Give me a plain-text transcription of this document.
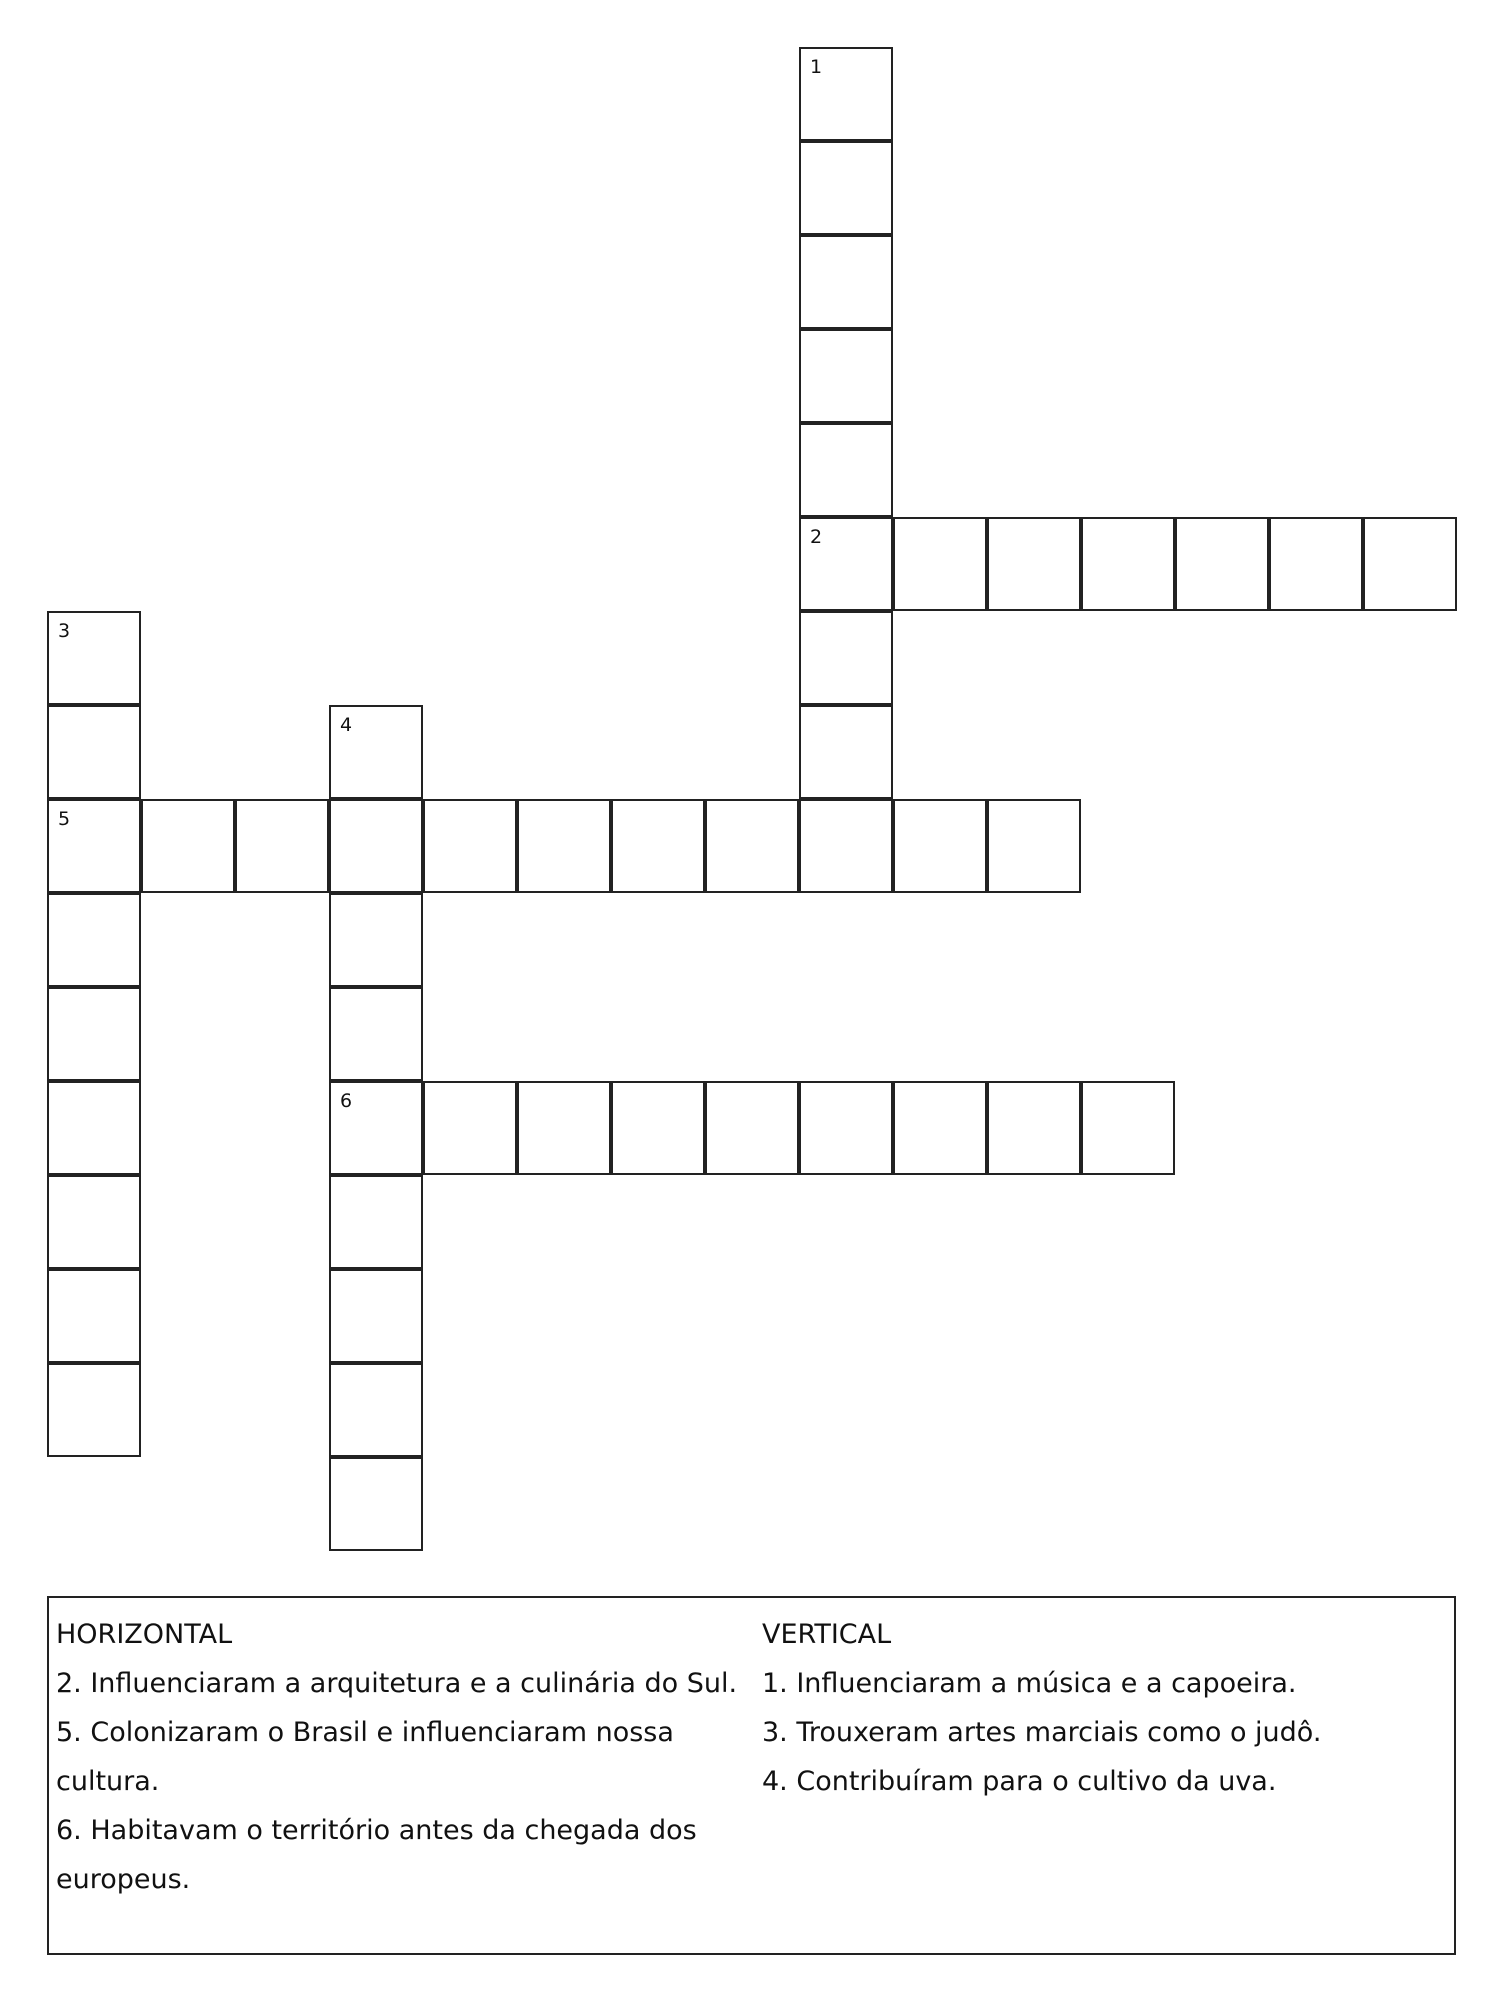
1
2
3
5
4
6
HORIZONTAL
2. Influenciaram a arquitetura e a culinária do Sul.
5. Colonizaram o Brasil e influenciaram nossa cultura.
6. Habitavam o território antes da chegada dos europeus.
VERTICAL
1. Influenciaram a música e a capoeira.
3. Trouxeram artes marciais como o judô.
4. Contribuíram para o cultivo da uva.
